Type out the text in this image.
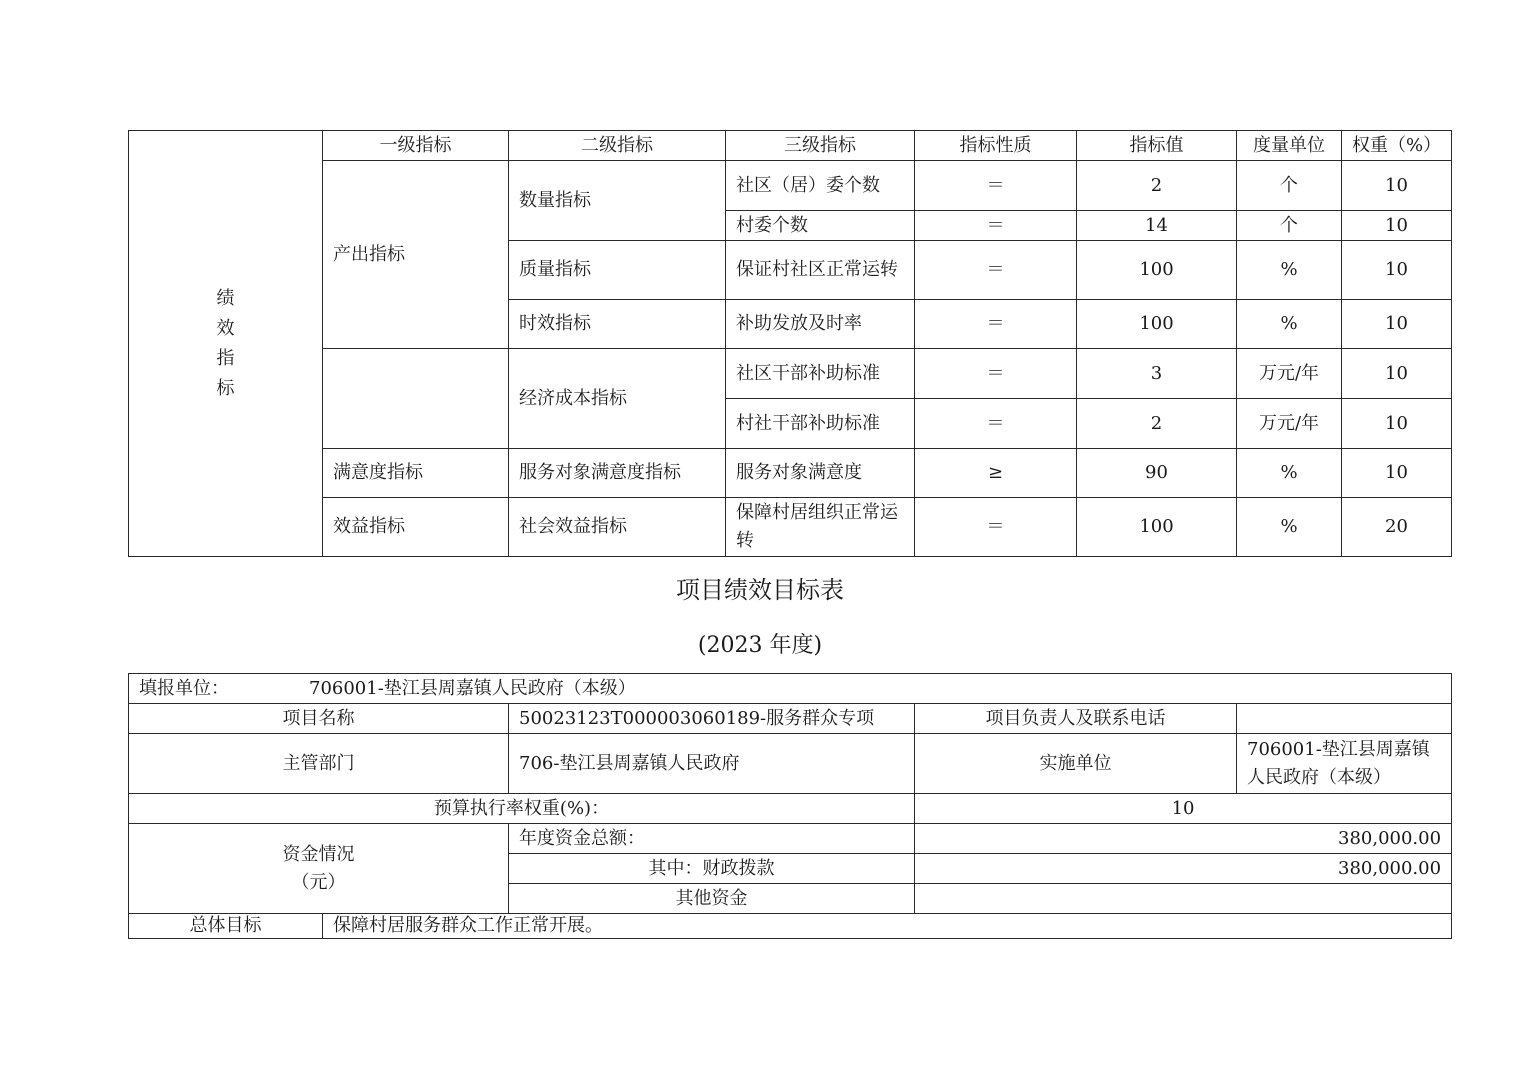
绩
效
指
标	一级指标	二级指标	三级指标	指标性质	指标值	度量单位	权重（%）
	产出指标	数量指标	社区（居）委个数	＝	2	个	10
			村委个数	＝	14	个	10
		质量指标	保证村社区正常运转	＝	100	%	10
		时效指标	补助发放及时率	＝	100	%	10
		经济成本指标	社区干部补助标准	＝	3	万元/年	10
			村社干部补助标准	＝	2	万元/年	10
	满意度指标	服务对象满意度指标	服务对象满意度	≥	90	%	10
	效益指标	社会效益指标	保障村居组织正常运转	＝	100	%	20
项目绩效目标表
(2023 年度)
填报单位： 706001-垫江县周嘉镇人民政府（本级）				
项目名称		50023123T000003060189-服务群众专项	项目负责人及联系电话	
主管部门		706-垫江县周嘉镇人民政府	实施单位	706001-垫江县周嘉镇人民政府（本级）
预算执行率权重(%)：			10	

资金情况
（元）		年度资金总额：	380,000.00	
		其中：财政拨款	380,000.00	
		其他资金		
总体目标	保障村居服务群众工作正常开展。			
